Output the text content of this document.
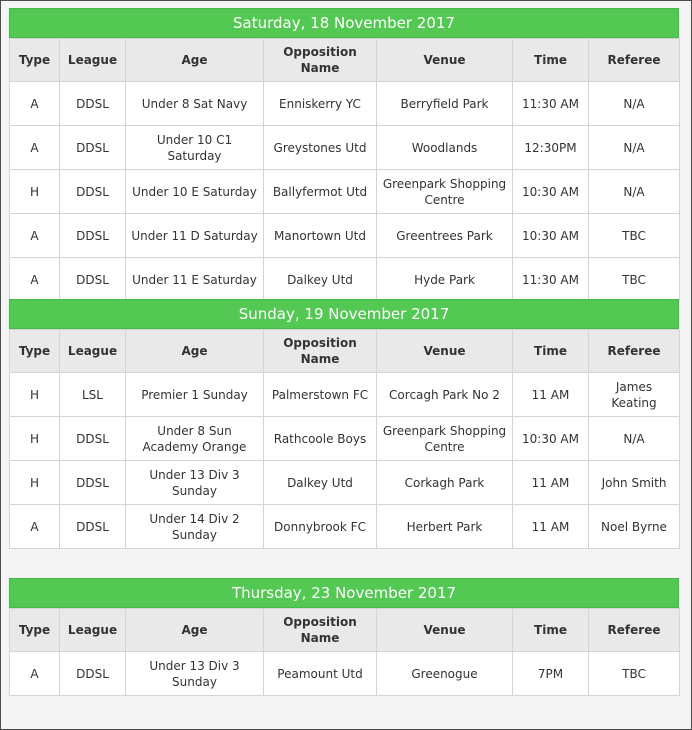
Saturday, 18 November 2017
Type	League	Age	Opposition Name	Venue	Time	Referee
A	DDSL	Under 8 Sat Navy	Enniskerry YC	Berryfield Park	11:30 AM	N/A
A	DDSL	Under 10 C1 Saturday	Greystones Utd	Woodlands	12:30PM	N/A
H	DDSL	Under 10 E Saturday	Ballyfermot Utd	Greenpark Shopping Centre	10:30 AM	N/A
A	DDSL	Under 11 D Saturday	Manortown Utd	Greentrees Park	10:30 AM	TBC
A	DDSL	Under 11 E Saturday	Dalkey Utd	Hyde Park	11:30 AM	TBC
Sunday, 19 November 2017
Type	League	Age	Opposition Name	Venue	Time	Referee
H	LSL	Premier 1 Sunday	Palmerstown FC	Corcagh Park No 2	11 AM	James Keating
H	DDSL	Under 8 Sun Academy Orange	Rathcoole Boys	Greenpark Shopping Centre	10:30 AM	N/A
H	DDSL	Under 13 Div 3 Sunday	Dalkey Utd	Corkagh Park	11 AM	John Smith
A	DDSL	Under 14 Div 2 Sunday	Donnybrook FC	Herbert Park	11 AM	Noel Byrne
Thursday, 23 November 2017
Type	League	Age	Opposition Name	Venue	Time	Referee
A	DDSL	Under 13 Div 3 Sunday	Peamount Utd	Greenogue	7PM	TBC
